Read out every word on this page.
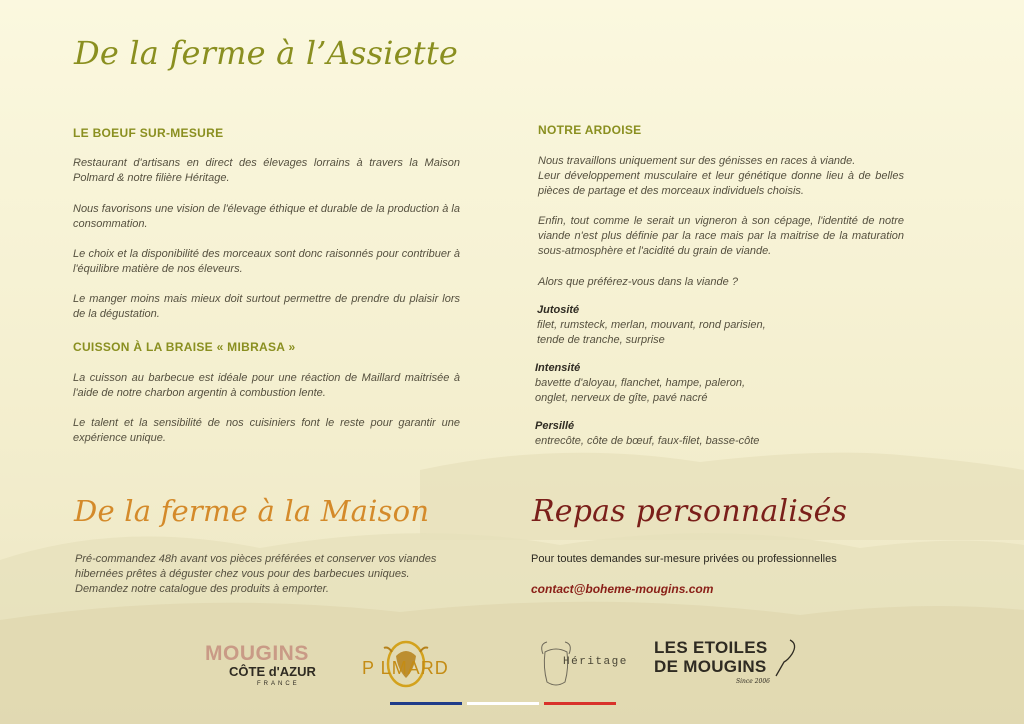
De la ferme à l’Assiette
LE BOEUF SUR-MESURE
Restaurant d'artisans en direct des élevages lorrains à travers la Maison Polmard & notre filière Héritage.
Nous favorisons une vision de l'élevage éthique et durable de la production à la consommation.
Le choix et la disponibilité des morceaux sont donc raisonnés pour contribuer à l'équilibre matière de nos éleveurs.
Le manger moins mais mieux doit surtout permettre de prendre du plaisir lors de la dégustation.
CUISSON À LA BRAISE « MIBRASA »
La cuisson au barbecue est idéale pour une réaction de Maillard maitrisée à l'aide de notre charbon argentin à combustion lente.
Le talent et la sensibilité de nos cuisiniers font le reste pour garantir une expérience unique.
NOTRE ARDOISE
Nous travaillons uniquement sur des génisses en races à viande.
Leur développement musculaire et leur génétique donne lieu à de belles pièces de partage et des morceaux individuels choisis.
Enfin, tout comme le serait un vigneron à son cépage, l'identité de notre viande n'est plus définie par la race mais par la maitrise de la maturation sous-atmosphère et l'acidité du grain de viande.
Alors que préférez-vous dans la viande ?
Jutosité
filet, rumsteck, merlan, mouvant, rond parisien, tende de tranche, surprise
Intensité
bavette d'aloyau, flanchet, hampe, paleron, onglet, nerveux de gîte, pavé nacré
Persillé
entrecôte, côte de bœuf, faux-filet, basse-côte
De la ferme à la Maison
Pré-commandez 48h avant vos pièces préférées et conserver vos viandes
hibernées prêtes à déguster chez vous pour des barbecues uniques.
Demandez notre catalogue des produits à emporter.
Repas personnalisés
Pour toutes demandes sur-mesure privées ou professionnelles
contact@boheme-mougins.com
MOUGINS
CÔTE d'AZUR
FRANCE
P LMARD	Héritage
LES ETOILES
DE MOUGINS
Since 2006
